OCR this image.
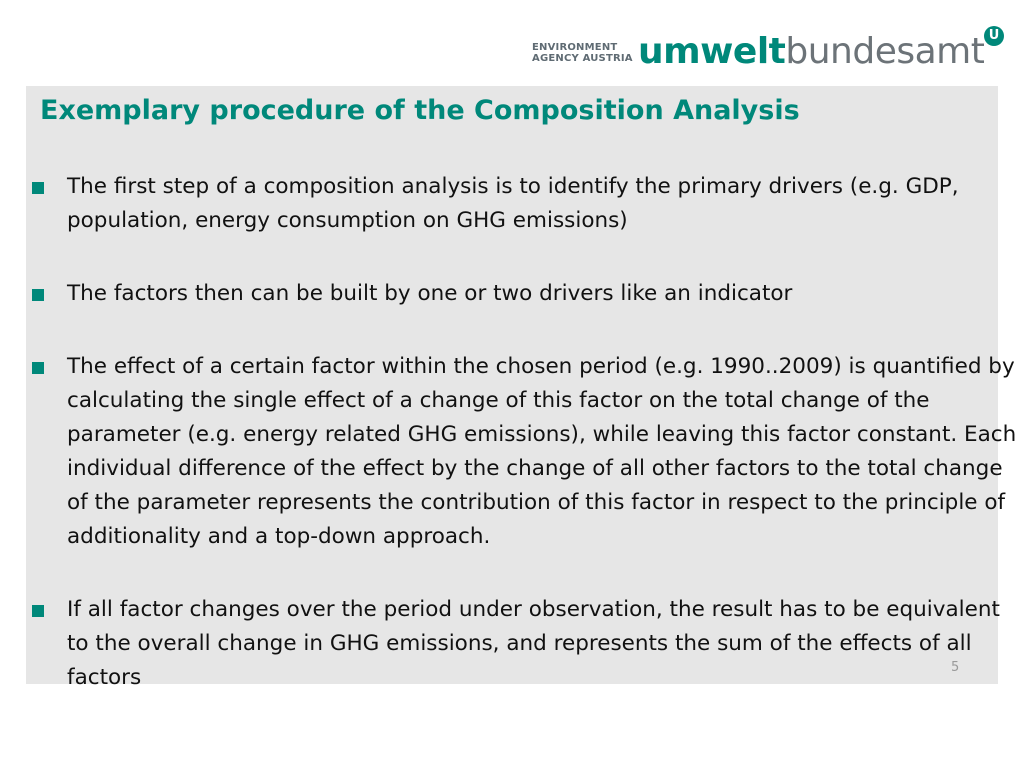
ENVIRONMENT
AGENCY AUSTRIA umweltbundesamt U
5
Exemplary procedure of the Composition Analysis
The first step of a composition analysis is to identify the primary drivers (e.g. GDP, population, energy consumption on GHG emissions)
The factors then can be built by one or two drivers like an indicator
The effect of a certain factor within the chosen period (e.g. 1990..2009) is quantified by calculating the single effect of a change of this factor on the total change of the parameter (e.g. energy related GHG emissions), while leaving this factor constant. Each individual difference of the effect by the change of all other factors to the total change of the parameter represents the contribution of this factor in respect to the principle of additionality and a top-down approach.
If all factor changes over the period under observation, the result has to be equivalent to the overall change in GHG emissions, and represents the sum of the effects of all factors
